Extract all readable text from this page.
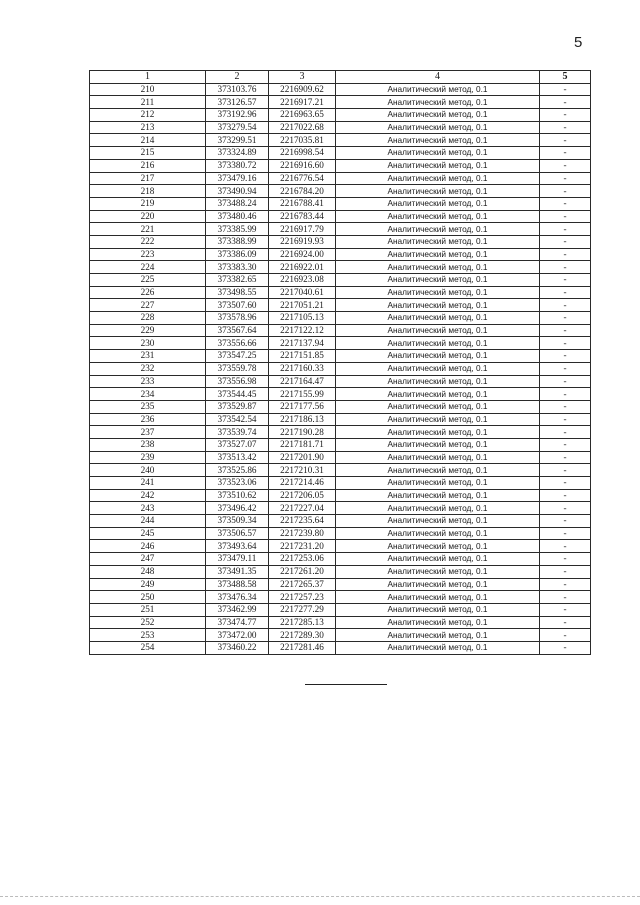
5
1	2	3	4	5
210	373103.76	2216909.62	Аналитический метод, 0.1	-
211	373126.57	2216917.21	Аналитический метод, 0.1	-
212	373192.96	2216963.65	Аналитический метод, 0.1	-
213	373279.54	2217022.68	Аналитический метод, 0.1	-
214	373299.51	2217035.81	Аналитический метод, 0.1	-
215	373324.89	2216998.54	Аналитический метод, 0.1	-
216	373380.72	2216916.60	Аналитический метод, 0.1	-
217	373479.16	2216776.54	Аналитический метод, 0.1	-
218	373490.94	2216784.20	Аналитический метод, 0.1	-
219	373488.24	2216788.41	Аналитический метод, 0.1	-
220	373480.46	2216783.44	Аналитический метод, 0.1	-
221	373385.99	2216917.79	Аналитический метод, 0.1	-
222	373388.99	2216919.93	Аналитический метод, 0.1	-
223	373386.09	2216924.00	Аналитический метод, 0.1	-
224	373383.30	2216922.01	Аналитический метод, 0.1	-
225	373382.65	2216923.08	Аналитический метод, 0.1	-
226	373498.55	2217040.61	Аналитический метод, 0.1	-
227	373507.60	2217051.21	Аналитический метод, 0.1	-
228	373578.96	2217105.13	Аналитический метод, 0.1	-
229	373567.64	2217122.12	Аналитический метод, 0.1	-
230	373556.66	2217137.94	Аналитический метод, 0.1	-
231	373547.25	2217151.85	Аналитический метод, 0.1	-
232	373559.78	2217160.33	Аналитический метод, 0.1	-
233	373556.98	2217164.47	Аналитический метод, 0.1	-
234	373544.45	2217155.99	Аналитический метод, 0.1	-
235	373529.87	2217177.56	Аналитический метод, 0.1	-
236	373542.54	2217186.13	Аналитический метод, 0.1	-
237	373539.74	2217190.28	Аналитический метод, 0.1	-
238	373527.07	2217181.71	Аналитический метод, 0.1	-
239	373513.42	2217201.90	Аналитический метод, 0.1	-
240	373525.86	2217210.31	Аналитический метод, 0.1	-
241	373523.06	2217214.46	Аналитический метод, 0.1	-
242	373510.62	2217206.05	Аналитический метод, 0.1	-
243	373496.42	2217227.04	Аналитический метод, 0.1	-
244	373509.34	2217235.64	Аналитический метод, 0.1	-
245	373506.57	2217239.80	Аналитический метод, 0.1	-
246	373493.64	2217231.20	Аналитический метод, 0.1	-
247	373479.11	2217253.06	Аналитический метод, 0.1	-
248	373491.35	2217261.20	Аналитический метод, 0.1	-
249	373488.58	2217265.37	Аналитический метод, 0.1	-
250	373476.34	2217257.23	Аналитический метод, 0.1	-
251	373462.99	2217277.29	Аналитический метод, 0.1	-
252	373474.77	2217285.13	Аналитический метод, 0.1	-
253	373472.00	2217289.30	Аналитический метод, 0.1	-
254	373460.22	2217281.46	Аналитический метод, 0.1	-
